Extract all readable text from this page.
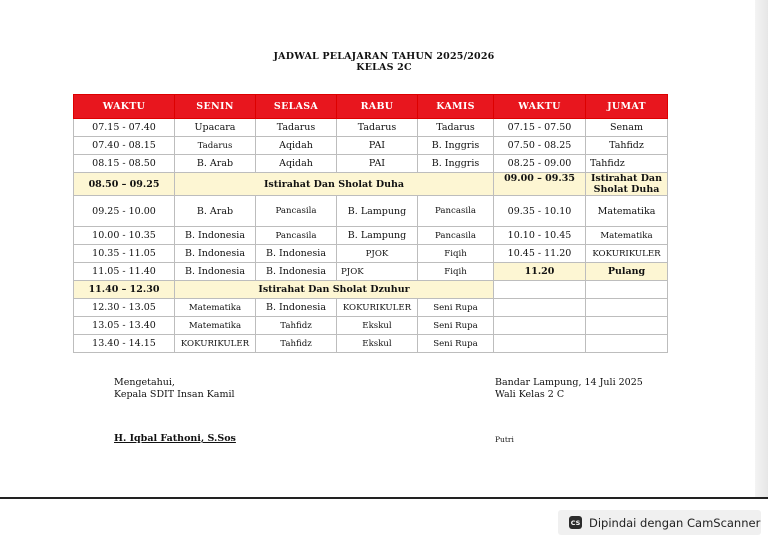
JADWAL PELAJARAN TAHUN 2025/2026
KELAS 2C
WAKTU	SENIN	SELASA	RABU	KAMIS	WAKTU	JUMAT
07.15 - 07.40	Upacara	Tadarus	Tadarus	Tadarus	07.15 - 07.50	Senam
07.40 - 08.15	Tadarus	Aqidah	PAI	B. Inggris	07.50 - 08.25	Tahfidz
08.15 - 08.50	B. Arab	Aqidah	PAI	B. Inggris	08.25 - 09.00	Tahfidz
08.50 – 09.25	Istirahat Dan Sholat Duha				09.00 – 09.35	Istirahat Dan Sholat Duha
09.25 - 10.00	B. Arab	Pancasila	B. Lampung	Pancasila	09.35 - 10.10	Matematika
10.00 - 10.35	B. Indonesia	Pancasila	B. Lampung	Pancasila	10.10 - 10.45	Matematika
10.35 - 11.05	B. Indonesia	B. Indonesia	PJOK	Fiqih	10.45 - 11.20	KOKURIKULER
11.05 - 11.40	B. Indonesia	B. Indonesia	PJOK	Fiqih	11.20	Pulang
11.40 – 12.30	Istirahat Dan Sholat Dzuhur					
12.30 - 13.05	Matematika	B. Indonesia	KOKURIKULER	Seni Rupa		
13.05 - 13.40	Matematika	Tahfidz	Ekskul	Seni Rupa		
13.40 - 14.15	KOKURIKULER	Tahfidz	Ekskul	Seni Rupa		
Mengetahui,
Kepala SDIT Insan Kamil
Bandar Lampung, 14 Juli 2025
Wali Kelas 2 C
H. Iqbal Fathoni, S.Sos	Putri
CS Dipindai dengan CamScanner
